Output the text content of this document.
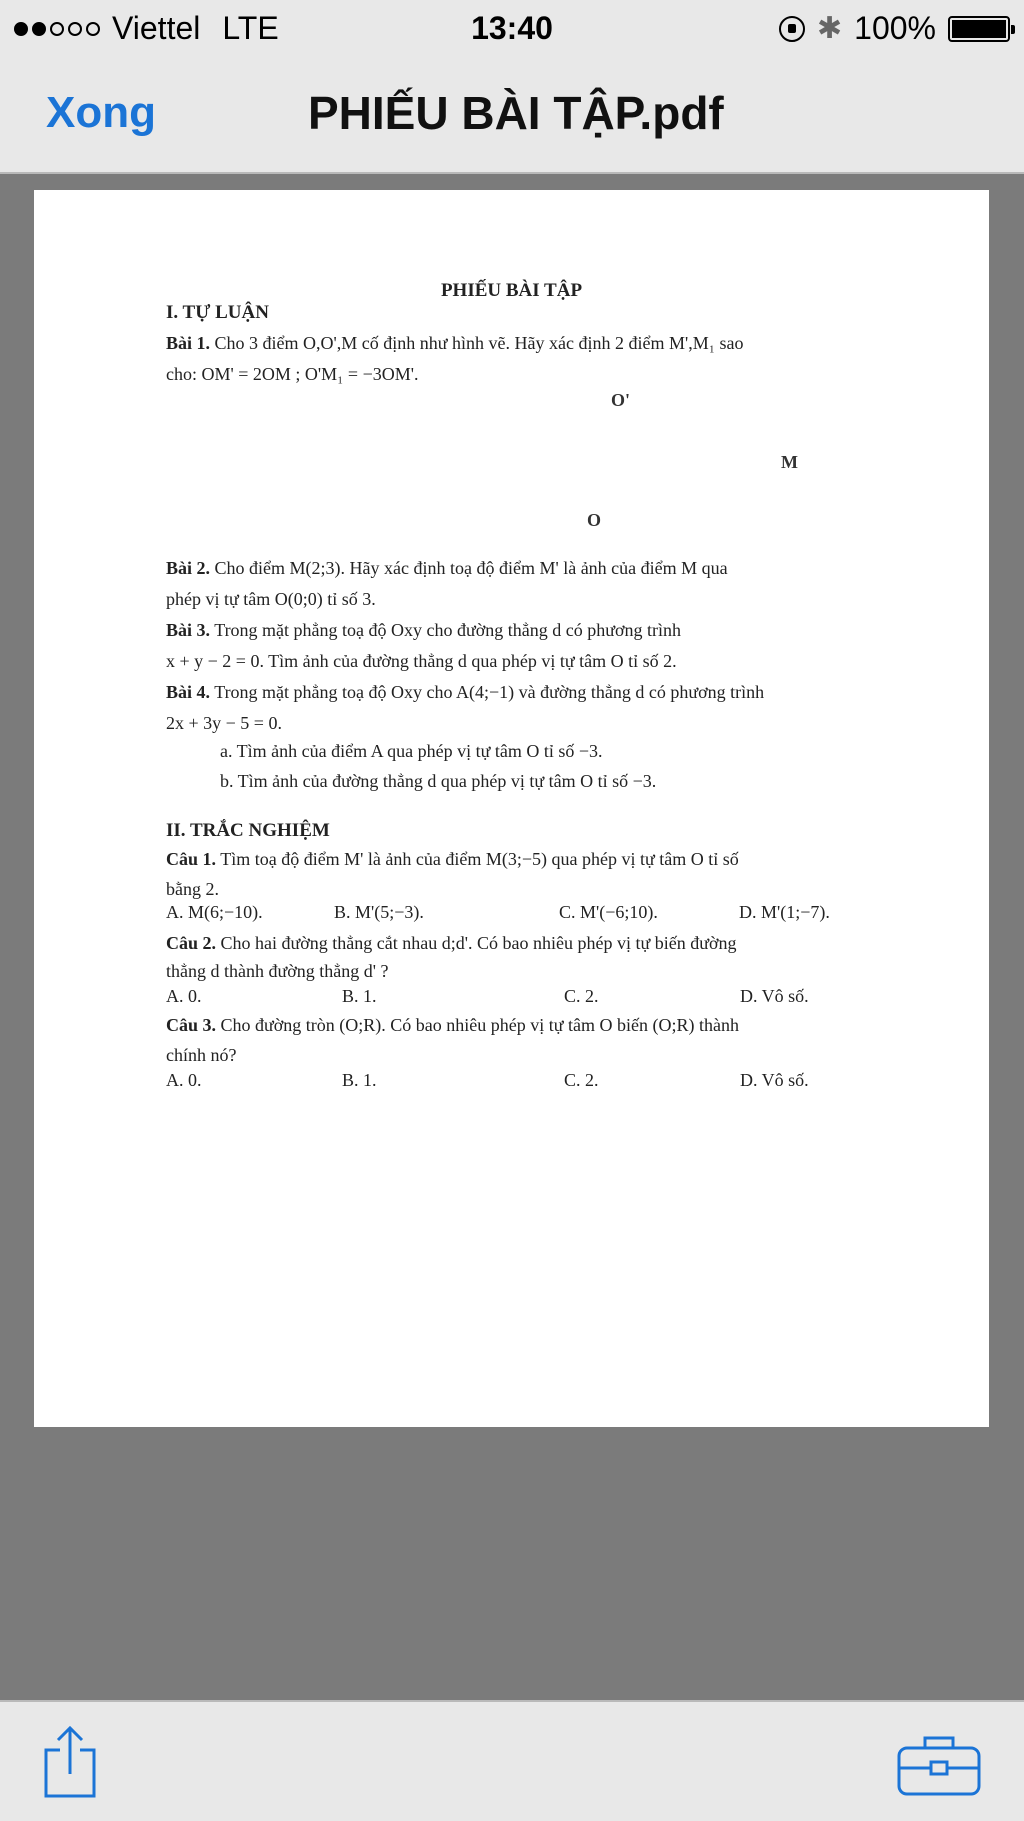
Viettel LTE	13:40	✱ 100%
Xong	PHIẾU BÀI TẬP.pdf
PHIẾU BÀI TẬP
I. TỰ LUẬN
Bài 1. Cho 3 điểm O,O',M cố định như hình vẽ. Hãy xác định 2 điểm M',M₁ sao
cho: OM' = 2OM ; O'M₁ = −3OM'.
O'
M
O
Bài 2. Cho điểm M(2;3). Hãy xác định toạ độ điểm M' là ảnh của điểm M qua
phép vị tự tâm O(0;0) tỉ số 3.
Bài 3. Trong mặt phẳng toạ độ Oxy cho đường thẳng d có phương trình
x + y − 2 = 0. Tìm ảnh của đường thẳng d qua phép vị tự tâm O tỉ số 2.
Bài 4. Trong mặt phẳng toạ độ Oxy cho A(4;−1) và đường thẳng d có phương trình
2x + 3y − 5 = 0.
a. Tìm ảnh của điểm A qua phép vị tự tâm O tỉ số −3.
b. Tìm ảnh của đường thẳng d qua phép vị tự tâm O tỉ số −3.
II. TRẮC NGHIỆM
Câu 1. Tìm toạ độ điểm M' là ảnh của điểm M(3;−5) qua phép vị tự tâm O tỉ số
bằng 2.
A. M(6;−10).	B. M'(5;−3).	C. M'(−6;10).	D. M'(1;−7).
Câu 2. Cho hai đường thẳng cắt nhau d;d'. Có bao nhiêu phép vị tự biến đường
thẳng d thành đường thẳng d' ?
A. 0.	B. 1.	C. 2.	D. Vô số.
Câu 3. Cho đường tròn (O;R). Có bao nhiêu phép vị tự tâm O biến (O;R) thành
chính nó?
A. 0.	B. 1.	C. 2.	D. Vô số.
